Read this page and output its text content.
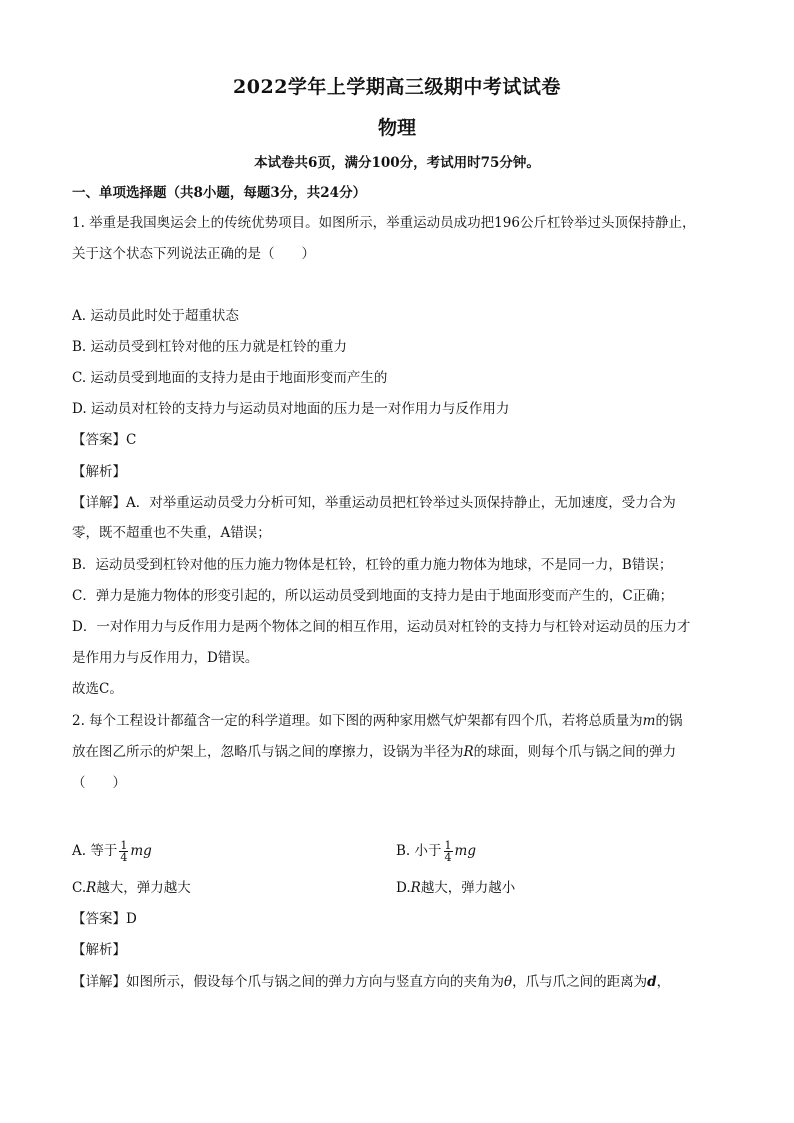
2022学年上学期高三级期中考试试卷
物理
本试卷共6页，满分100分，考试用时75分钟。
一、单项选择题（共8小题，每题3分，共24分）
1. 举重是我国奥运会上的传统优势项目。如图所示，举重运动员成功把196公斤杠铃举过头顶保持静止，
关于这个状态下列说法正确的是（　　）
A. 运动员此时处于超重状态
B. 运动员受到杠铃对他的压力就是杠铃的重力
C. 运动员受到地面的支持力是由于地面形变而产生的
D. 运动员对杠铃的支持力与运动员对地面的压力是一对作用力与反作用力
【答案】C
【解析】
【详解】A．对举重运动员受力分析可知，举重运动员把杠铃举过头顶保持静止，无加速度，受力合为
零，既不超重也不失重，A错误；
B．运动员受到杠铃对他的压力施力物体是杠铃，杠铃的重力施力物体为地球，不是同一力，B错误；
C．弹力是施力物体的形变引起的，所以运动员受到地面的支持力是由于地面形变而产生的，C正确；
D．一对作用力与反作用力是两个物体之间的相互作用，运动员对杠铃的支持力与杠铃对运动员的压力才
是作用力与反作用力，D错误。
故选C。
2. 每个工程设计都蕴含一定的科学道理。如下图的两种家用燃气炉架都有四个爪，若将总质量为m的锅
放在图乙所示的炉架上，忽略爪与锅之间的摩擦力，设锅为半径为R的球面，则每个爪与锅之间的弹力
（　　）
A. 等于 $\frac{1}{4}$ mg	B. 小于 $\frac{1}{4}$ mg
C.R越大，弹力越大	D.R越大，弹力越小
【答案】D
【解析】
【详解】如图所示，假设每个爪与锅之间的弹力方向与竖直方向的夹角为θ，爪与爪之间的距离为d，
